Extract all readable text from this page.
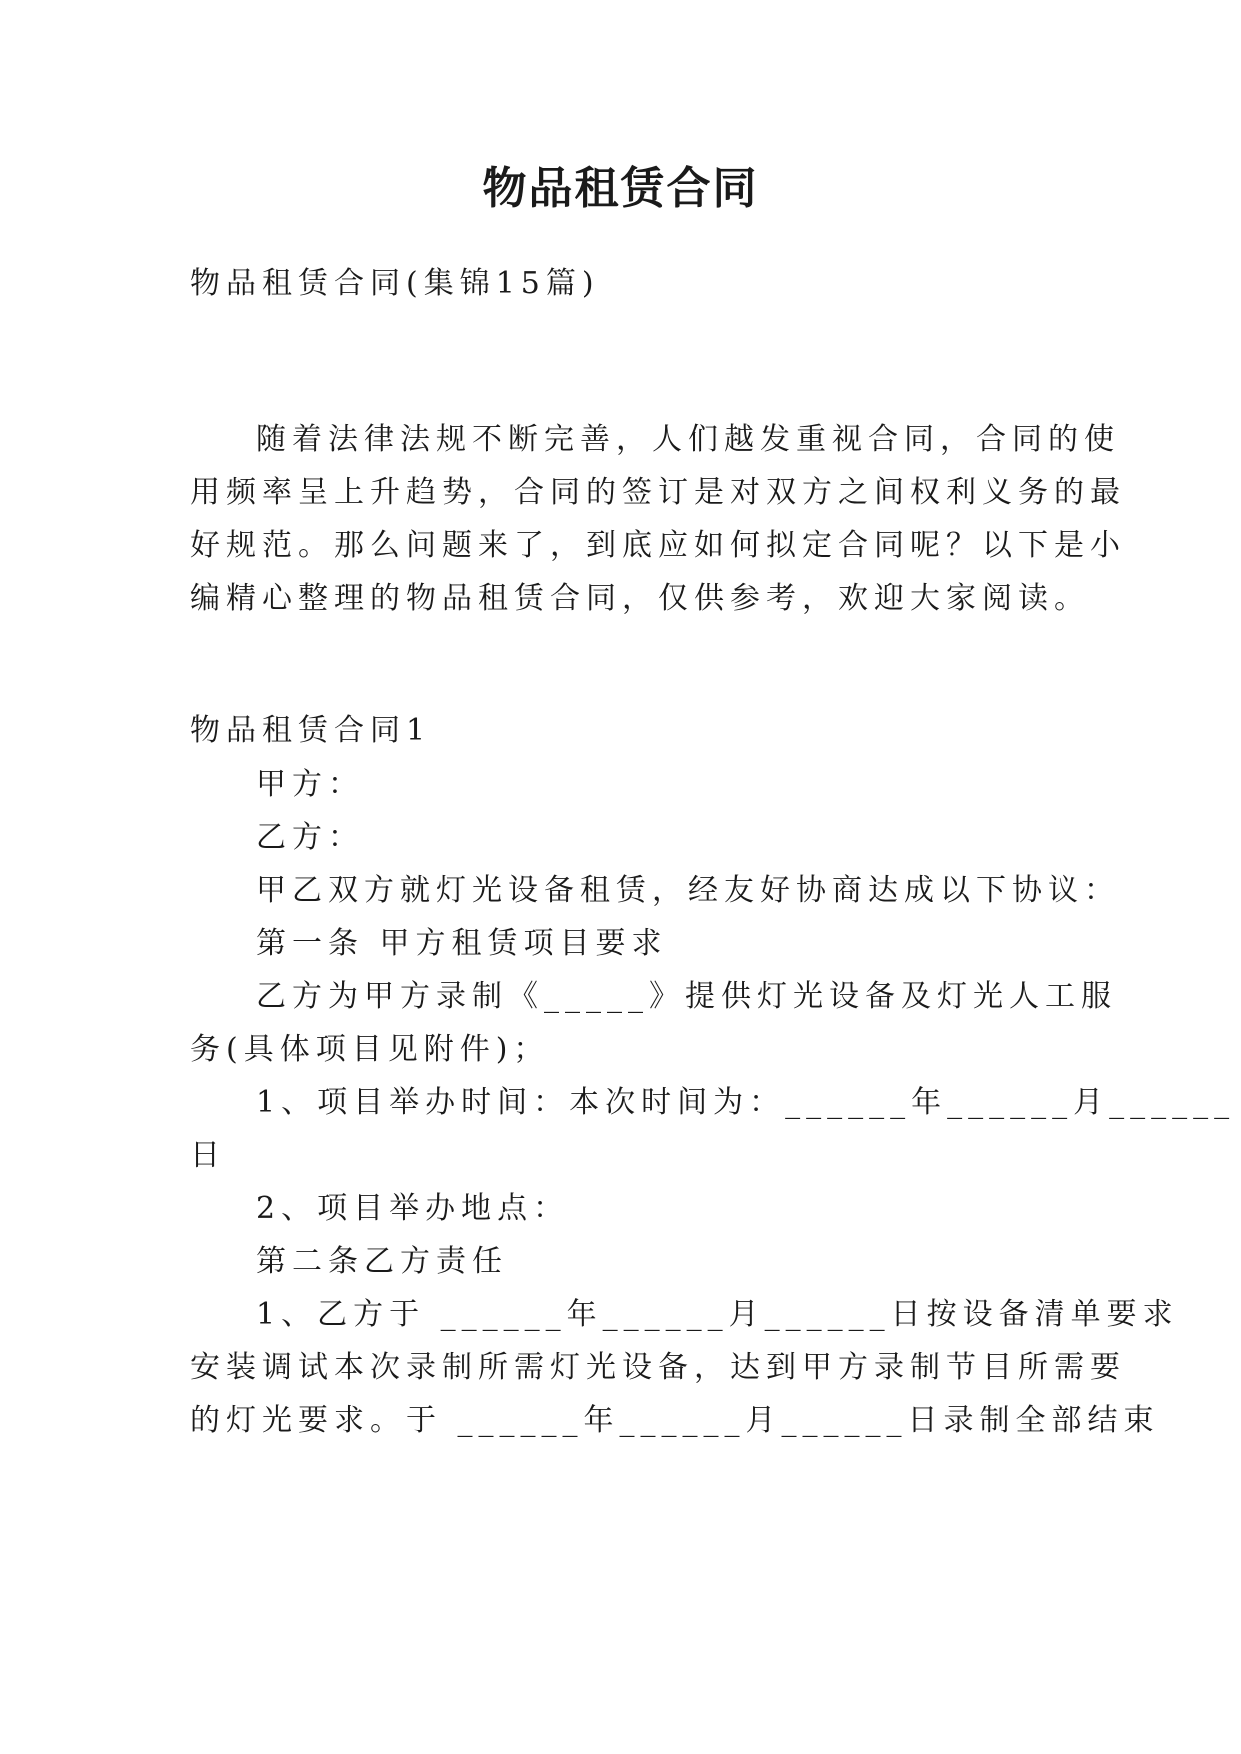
物品租赁合同
物品租赁合同(集锦15篇)
随着法律法规不断完善，人们越发重视合同，合同的使
用频率呈上升趋势，合同的签订是对双方之间权利义务的最
好规范。那么问题来了，到底应如何拟定合同呢？以下是小
编精心整理的物品租赁合同，仅供参考，欢迎大家阅读。
物品租赁合同1
甲方：
乙方：
甲乙双方就灯光设备租赁，经友好协商达成以下协议：
第一条 甲方租赁项目要求
乙方为甲方录制《_____》提供灯光设备及灯光人工服
务(具体项目见附件)；
1、项目举办时间：本次时间为：______年______月______
日
2、项目举办地点：
第二条乙方责任
1、乙方于 ______年______月______日按设备清单要求
安装调试本次录制所需灯光设备，达到甲方录制节目所需要
的灯光要求。于 ______年______月______日录制全部结束
